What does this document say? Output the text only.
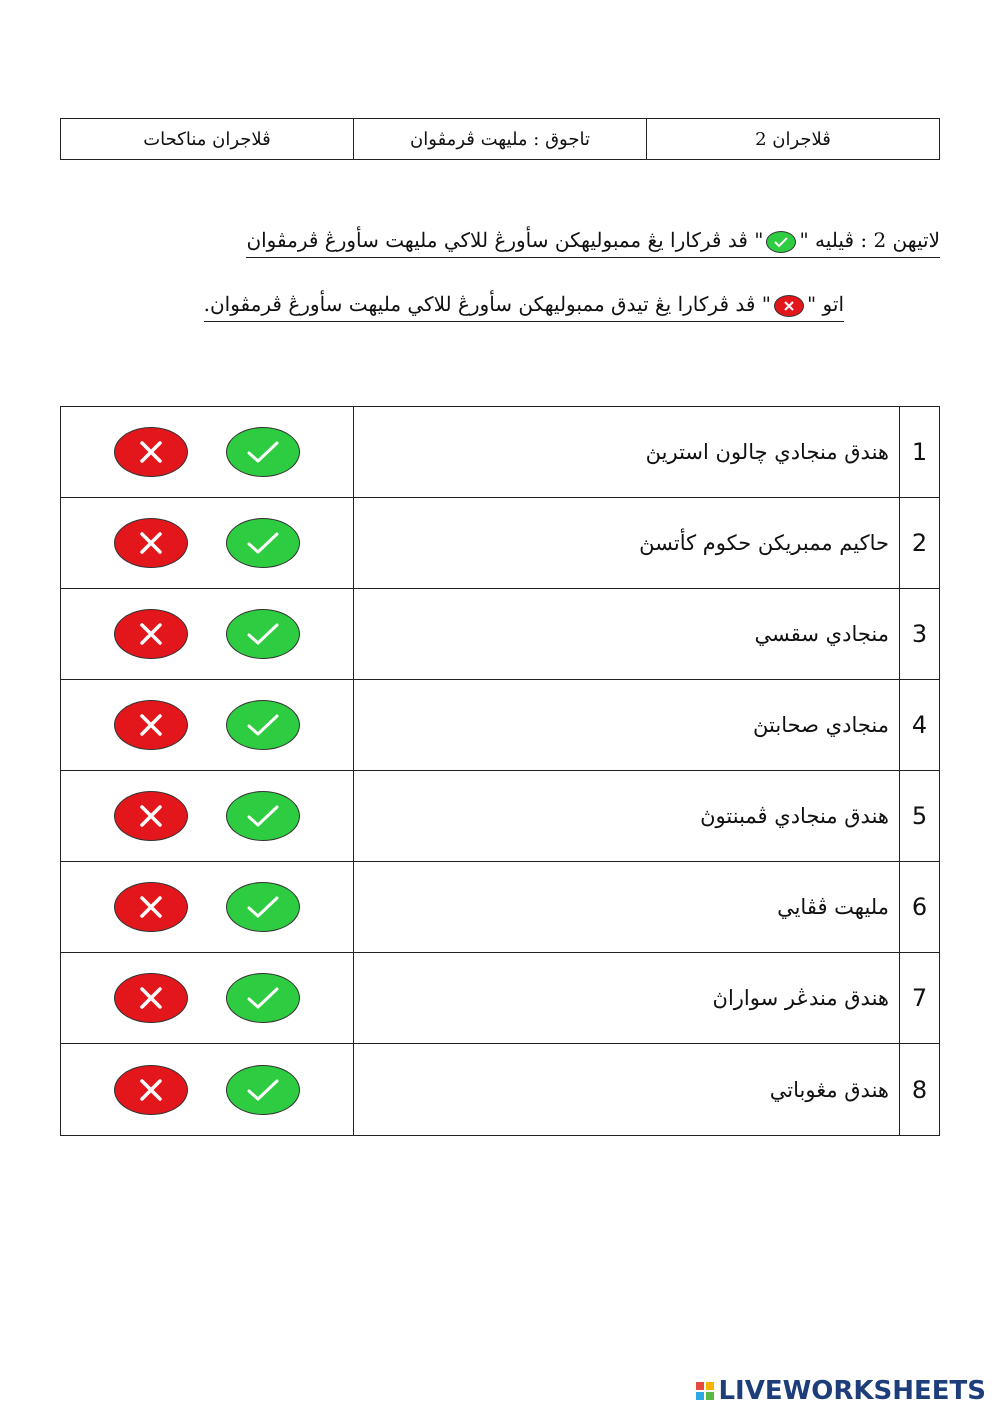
ڤلاجران 2
تاجوق : مليهت ڤرمڤوان
ڤلاجران مناكحات
لاتيهن 2 : ڤيليه "
" ڤد ڤركارا يڠ ممبوليهكن سأورڠ للاكي مليهت سأورڠ ڤرمڤوان
اتو "
" ڤد ڤركارا يڠ تيدق ممبوليهكن سأورڠ للاكي مليهت سأورڠ ڤرمڤوان.
1
هندق منجادي چالون استريڽ
2
حاكيم ممبريكن حكوم كأتسڽ
3
منجادي سقسي
4
منجادي صحابتڽ
5
هندق منجادي ڤمبنتوڽ
6
مليهت ڤڤايي
7
هندق مندڠر سواراڽ
8
هندق مڠوباتي
LIVEWORKSHEETS
